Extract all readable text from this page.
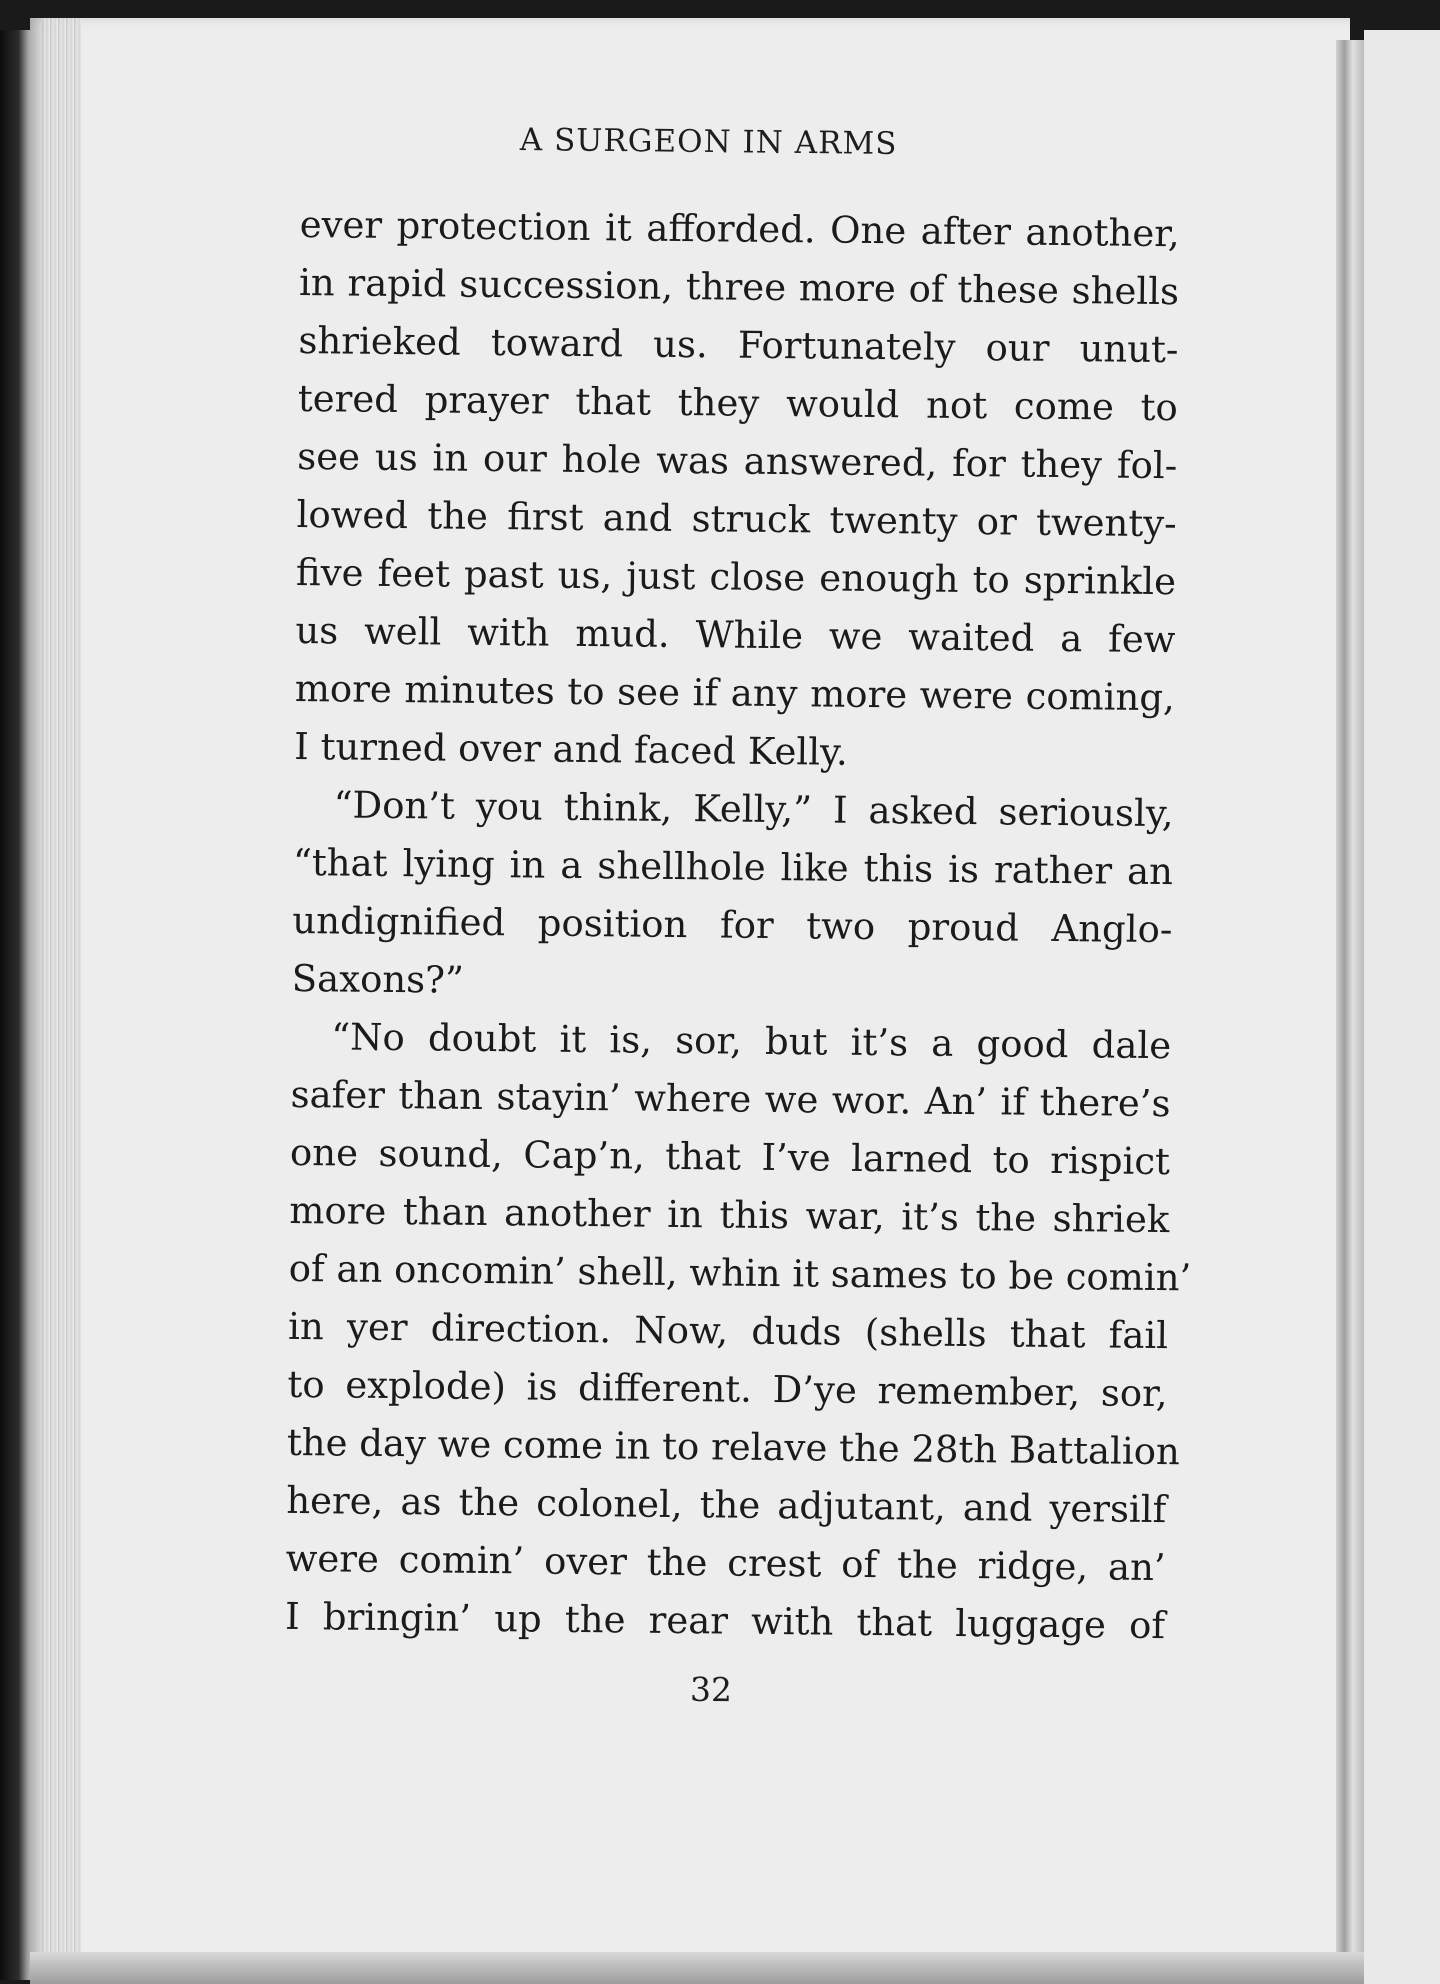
A SURGEON IN ARMS
ever protection it afforded. One after another,
in rapid succession, three more of these shells
shrieked toward us. Fortunately our unut-
tered prayer that they would not come to
see us in our hole was answered, for they fol-
lowed the first and struck twenty or twenty-
five feet past us, just close enough to sprinkle
us well with mud. While we waited a few
more minutes to see if any more were coming,
I turned over and faced Kelly.
“Don’t you think, Kelly,” I asked seriously,
“that lying in a shellhole like this is rather an
undignified position for two proud Anglo-
Saxons?”
“No doubt it is, sor, but it’s a good dale
safer than stayin’ where we wor. An’ if there’s
one sound, Cap’n, that I’ve larned to rispict
more than another in this war, it’s the shriek
of an oncomin’ shell, whin it sames to be comin’
in yer direction. Now, duds (shells that fail
to explode) is different. D’ye remember, sor,
the day we come in to relave the 28th Battalion
here, as the colonel, the adjutant, and yersilf
were comin’ over the crest of the ridge, an’
I bringin’ up the rear with that luggage of
32
